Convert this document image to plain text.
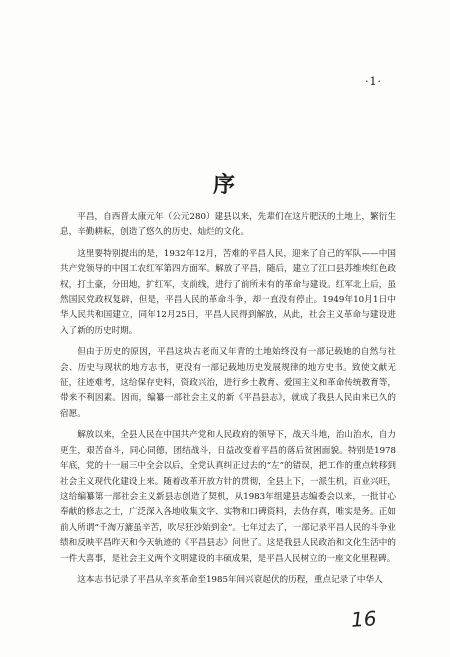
·1·
序

平昌，自西晋太康元年（公元280）建县以来，先辈们在这片肥沃的土地上，繁衍生息，辛勤耕耘，创造了悠久的历史、灿烂的文化。

这里要特别提出的是，1932年12月，苦难的平昌人民，迎来了自己的军队——中国共产党领导的中国工农红军第四方面军。解放了平昌，随后，建立了江口县苏维埃红色政权，打土豪，分田地，扩红军，支前线，进行了前所未有的革命与建设。红军北上后，虽然国民党政权复辟，但是，平昌人民的革命斗争，却一直没有停止。1949年10月1日中华人民共和国建立，同年12月25日，平昌人民得到解放，从此，社会主义革命与建设进入了新的历史时期。

但由于历史的原因，平昌这块古老而又年青的土地始终没有一部记载她的自然与社会、历史与现状的地方志书，更没有一部记载地历史发展规律的地方史书。致使文献无征，往迹难考，这给保存史料，资政兴治，进行乡土教育、爱国主义和革命传统教育等，带来不利因素。因而，编纂一部社会主义的新《平昌县志》，就成了我县人民由来已久的宿愿。

解放以来，全县人民在中国共产党和人民政府的领导下，战天斗地，治山治水，自力更生，艰苦奋斗，同心同德，团结战斗，日益改变着平昌的落后贫困面貌。特别是1978年底，党的十一届三中全会以后，全党认真纠正过去的“左”的错误，把工作的重点转移到社会主义现代化建设上来。随着改革开放方针的贯彻，全县上下，一派生机，百业兴旺，这给编纂第一部社会主义新县志创造了契机，从1983年组建县志编委会以来，一批甘心奉献的修志之士，广泛深入各地收集文字、实物和口碑资料，去伪存真，唯实是务。正如前人所谓“千淘万漉虽辛苦，吹尽狂沙始到金”。七年过去了，一部记录平昌人民的斗争业绩和反映平昌昨天和今天轨迹的《平昌县志》问世了。这是我县人民政治和文化生活中的一件大喜事，是社会主义两个文明建设的丰硕成果，是平昌人民树立的一座文化里程碑。

这本志书记录了平昌从辛亥革命至1985年间兴衰起伏的历程，重点记录了中华人

16
